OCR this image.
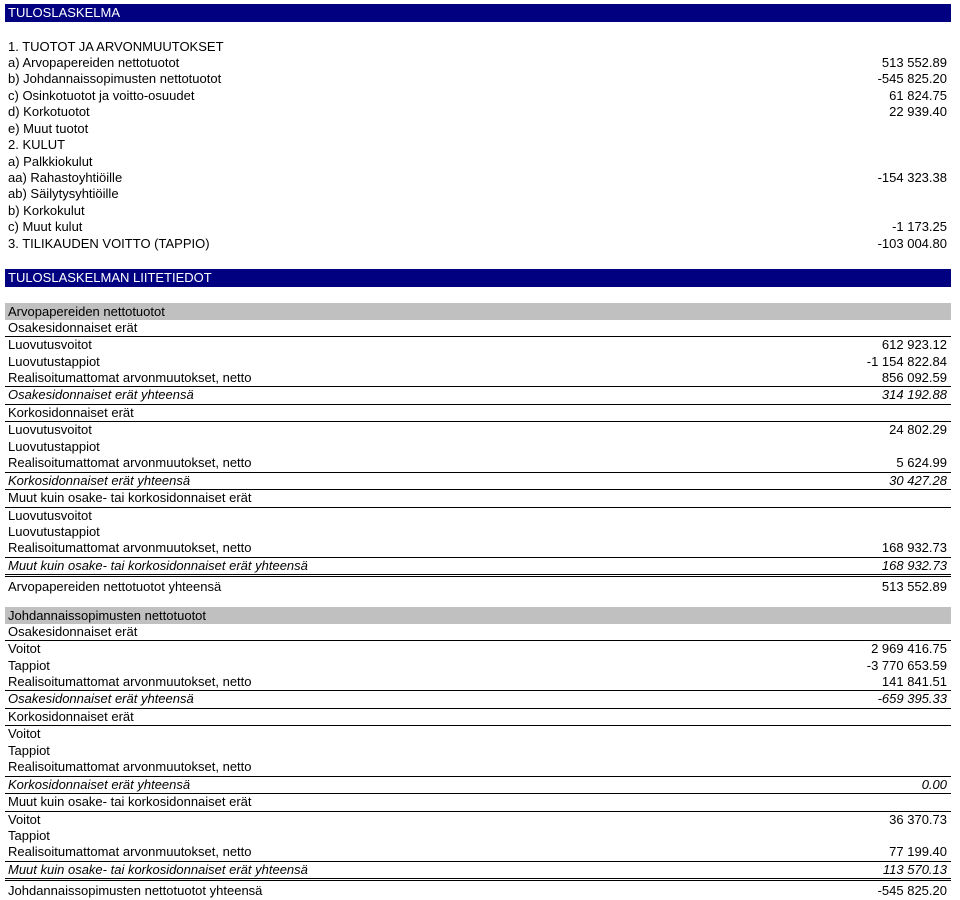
TULOSLASKELMA
1. TUOTOT JA ARVONMUUTOKSET
a) Arvopapereiden nettotuotot	513 552.89
b) Johdannaissopimusten nettotuotot	-545 825.20
c) Osinkotuotot ja voitto-osuudet	61 824.75
d) Korkotuotot	22 939.40
e) Muut tuotot
2. KULUT
a) Palkkiokulut
aa) Rahastoyhtiöille	-154 323.38
ab) Säilytysyhtiöille
b) Korkokulut
c) Muut kulut	-1 173.25
3. TILIKAUDEN VOITTO (TAPPIO)	-103 004.80
TULOSLASKELMAN LIITETIEDOT
Arvopapereiden nettotuotot
Osakesidonnaiset erät
Luovutusvoitot	612 923.12
Luovutustappiot	-1 154 822.84
Realisoitumattomat arvonmuutokset, netto	856 092.59
Osakesidonnaiset erät yhteensä	314 192.88
Korkosidonnaiset erät
Luovutusvoitot	24 802.29
Luovutustappiot
Realisoitumattomat arvonmuutokset, netto	5 624.99
Korkosidonnaiset erät yhteensä	30 427.28
Muut kuin osake- tai korkosidonnaiset erät
Luovutusvoitot
Luovutustappiot
Realisoitumattomat arvonmuutokset, netto	168 932.73
Muut kuin osake- tai korkosidonnaiset erät yhteensä	168 932.73
Arvopapereiden nettotuotot yhteensä	513 552.89
Johdannaissopimusten nettotuotot
Osakesidonnaiset erät
Voitot	2 969 416.75
Tappiot	-3 770 653.59
Realisoitumattomat arvonmuutokset, netto	141 841.51
Osakesidonnaiset erät yhteensä	-659 395.33
Korkosidonnaiset erät
Voitot
Tappiot
Realisoitumattomat arvonmuutokset, netto
Korkosidonnaiset erät yhteensä	0.00
Muut kuin osake- tai korkosidonnaiset erät
Voitot	36 370.73
Tappiot
Realisoitumattomat arvonmuutokset, netto	77 199.40
Muut kuin osake- tai korkosidonnaiset erät yhteensä	113 570.13
Johdannaissopimusten nettotuotot yhteensä	-545 825.20
